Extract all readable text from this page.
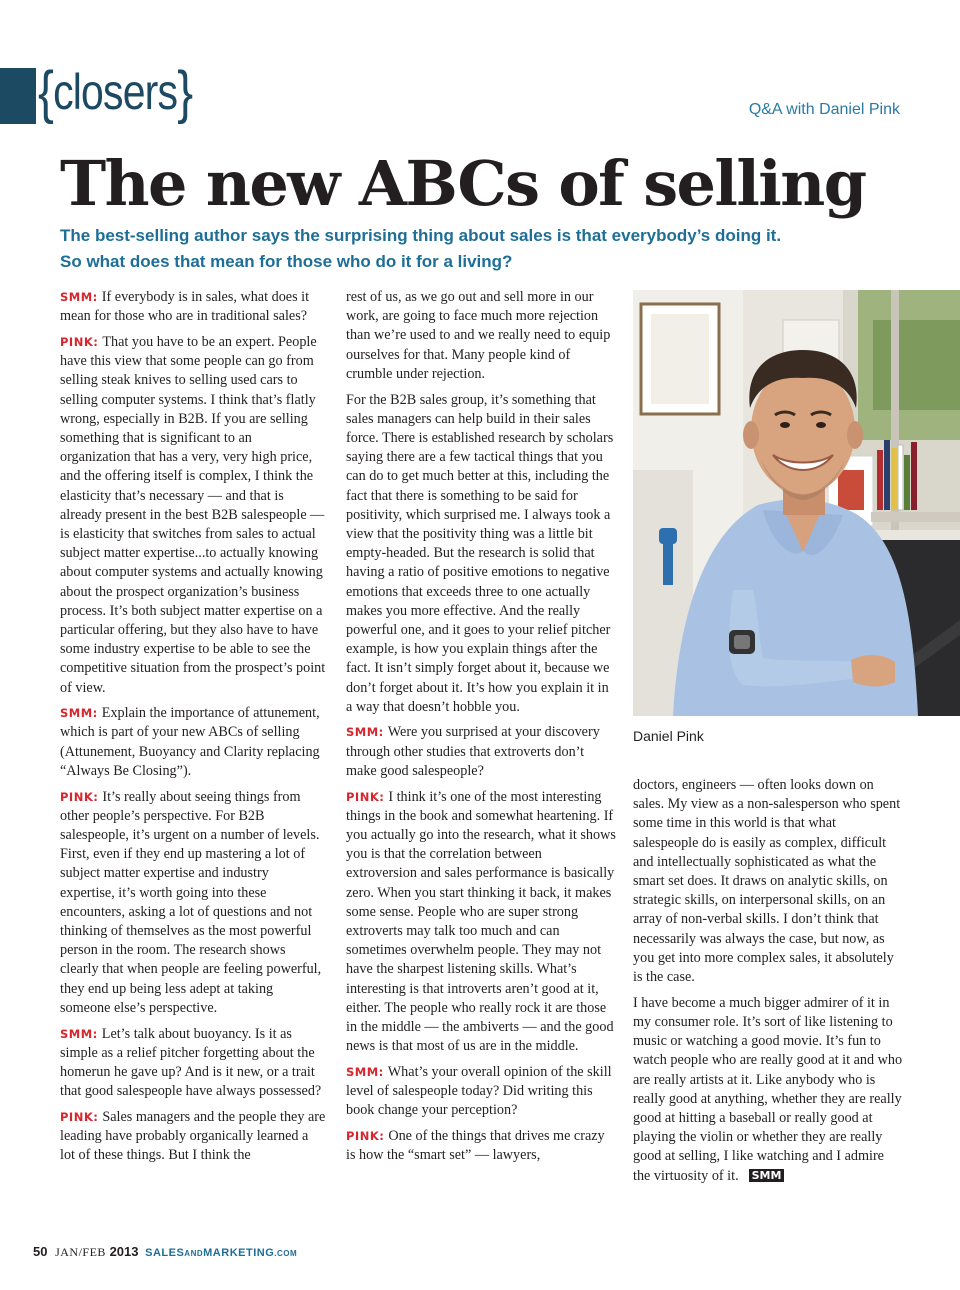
{closers}	Q&A with Daniel Pink
The new ABCs of selling
The best-selling author says the surprising thing about sales is that everybody’s doing it.
So what does that mean for those who do it for a living?

SMM: If everybody is in sales, what does it mean for those who are in traditional sales?

PINK: That you have to be an expert. People have this view that some people can go from selling steak knives to selling used cars to selling computer systems. I think that’s flatly wrong, especially in B2B. If you are selling something that is significant to an organization that has a very, very high price, and the offering itself is complex, I think the elasticity that’s necessary — and that is already present in the best B2B salespeople — is elasticity that switches from sales to actual subject matter expertise...to actually knowing about computer systems and actually knowing about the prospect organization’s business process. It’s both subject matter expertise on a particular offering, but they also have to have some industry expertise to be able to see the competitive situation from the prospect’s point of view.

SMM: Explain the importance of attunement, which is part of your new ABCs of selling (Attunement, Buoyancy and Clarity replacing “Always Be Closing”).

PINK: It’s really about seeing things from other people’s perspective. For B2B salespeople, it’s urgent on a number of levels. First, even if they end up mastering a lot of subject matter expertise and industry expertise, it’s worth going into these encounters, asking a lot of questions and not thinking of themselves as the most powerful person in the room. The research shows clearly that when people are feeling powerful, they end up being less adept at taking someone else’s perspective.

SMM: Let’s talk about buoyancy. Is it as simple as a relief pitcher forgetting about the homerun he gave up? And is it new, or a trait that good salespeople have always possessed?

PINK: Sales managers and the people they are leading have probably organically learned a lot of these things. But I think the

rest of us, as we go out and sell more in our work, are going to face much more rejection than we’re used to and we really need to equip ourselves for that. Many people kind of crumble under rejection.

For the B2B sales group, it’s something that sales managers can help build in their sales force. There is established research by scholars saying there are a few tactical things that you can do to get much better at this, including the fact that there is something to be said for positivity, which surprised me. I always took a view that the positivity thing was a little bit empty-headed. But the research is solid that having a ratio of positive emotions to negative emotions that exceeds three to one actually makes you more effective. And the really powerful one, and it goes to your relief pitcher example, is how you explain things after the fact. It isn’t simply forget about it, because we don’t forget about it. It’s how you explain it in a way that doesn’t hobble you.

SMM: Were you surprised at your discovery through other studies that extroverts don’t make good salespeople?

PINK: I think it’s one of the most interesting things in the book and somewhat heartening. If you actually go into the research, what it shows you is that the correlation between extroversion and sales performance is basically zero. When you start thinking it back, it makes some sense. People who are super strong extroverts may talk too much and can sometimes overwhelm people. They may not have the sharpest listening skills. What’s interesting is that introverts aren’t good at it, either. The people who really rock it are those in the middle — the ambiverts — and the good news is that most of us are in the middle.

SMM: What’s your overall opinion of the skill level of salespeople today? Did writing this book change your perception?

PINK: One of the things that drives me crazy is how the “smart set” — lawyers,

Daniel Pink

doctors, engineers — often looks down on sales. My view as a non-salesperson who spent some time in this world is that what salespeople do is easily as complex, difficult and intellectually sophisticated as what the smart set does. It draws on analytic skills, on strategic skills, on interpersonal skills, on an array of non-verbal skills. I don’t think that necessarily was always the case, but now, as you get into more complex sales, it absolutely is the case.

I have become a much bigger admirer of it in my consumer role. It’s sort of like listening to music or watching a good movie. It’s fun to watch people who are really good at it and who are really artists at it. Like anybody who is really good at anything, whether they are really good at hitting a baseball or really good at playing the violin or whether they are really good at selling, I like watching and I admire the virtuosity of it. SMM

50 JAN/FEB 2013 SALESANDMARKETING.COM
